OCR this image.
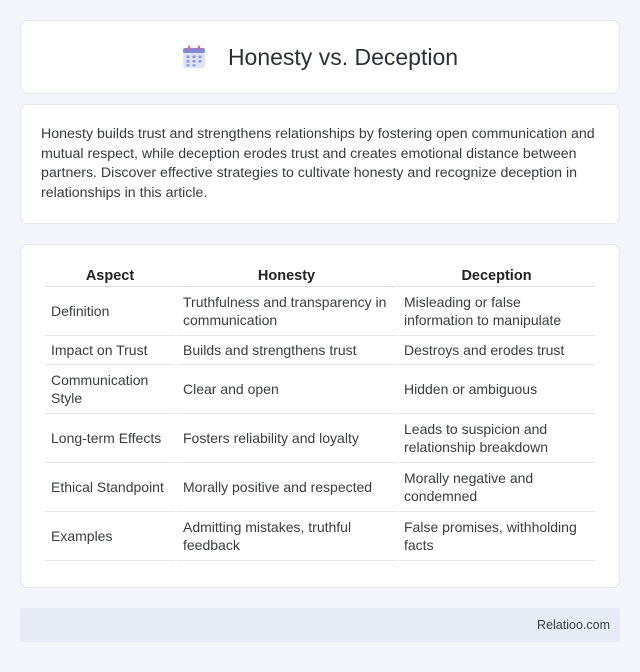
Honesty vs. Deception

Honesty builds trust and strengthens relationships by fostering open communication and mutual respect, while deception erodes trust and creates emotional distance between partners. Discover effective strategies to cultivate honesty and recognize deception in relationships in this article.

Aspect	Honesty	Deception
Definition	Truthfulness and transparency in communication	Misleading or false information to manipulate
Impact on Trust	Builds and strengthens trust	Destroys and erodes trust
Communication Style	Clear and open	Hidden or ambiguous
Long-term Effects	Fosters reliability and loyalty	Leads to suspicion and relationship breakdown
Ethical Standpoint	Morally positive and respected	Morally negative and condemned
Examples	Admitting mistakes, truthful feedback	False promises, withholding facts
Relatioo.com
